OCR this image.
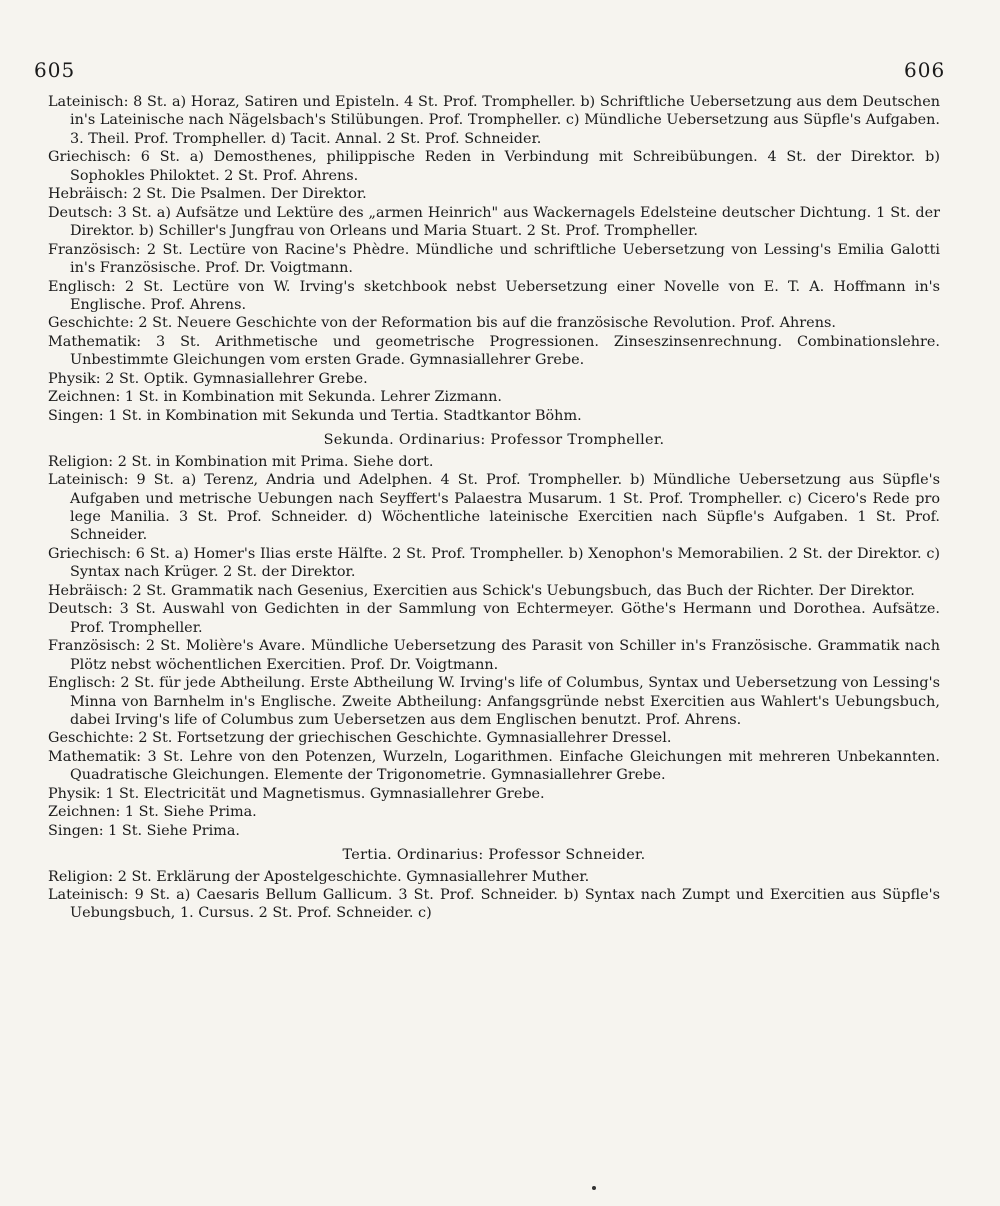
605	606
Lateinisch: 8 St. a) Horaz, Satiren und Episteln. 4 St. Prof. Trompheller. b) Schriftliche Uebersetzung aus dem Deutschen in's Lateinische nach Nägelsbach's Stilübungen. Prof. Trompheller. c) Mündliche Uebersetzung aus Süpfle's Aufgaben. 3. Theil. Prof. Trompheller. d) Tacit. Annal. 2 St. Prof. Schneider.
Griechisch: 6 St. a) Demosthenes, philippische Reden in Verbindung mit Schreibübungen. 4 St. der Direktor. b) Sophokles Philoktet. 2 St. Prof. Ahrens.
Hebräisch: 2 St. Die Psalmen. Der Direktor.
Deutsch: 3 St. a) Aufsätze und Lektüre des „armen Heinrich" aus Wackernagels Edelsteine deutscher Dichtung. 1 St. der Direktor. b) Schiller's Jungfrau von Orleans und Maria Stuart. 2 St. Prof. Trompheller.
Französisch: 2 St. Lectüre von Racine's Phèdre. Mündliche und schriftliche Uebersetzung von Lessing's Emilia Galotti in's Französische. Prof. Dr. Voigtmann.
Englisch: 2 St. Lectüre von W. Irving's sketchbook nebst Uebersetzung einer Novelle von E. T. A. Hoffmann in's Englische. Prof. Ahrens.
Geschichte: 2 St. Neuere Geschichte von der Reformation bis auf die französische Revolution. Prof. Ahrens.
Mathematik: 3 St. Arithmetische und geometrische Progressionen. Zinseszinsenrechnung. Combinationslehre. Unbestimmte Gleichungen vom ersten Grade. Gymnasiallehrer Grebe.
Physik: 2 St. Optik. Gymnasiallehrer Grebe.
Zeichnen: 1 St. in Kombination mit Sekunda. Lehrer Zizmann.
Singen: 1 St. in Kombination mit Sekunda und Tertia. Stadtkantor Böhm.
Sekunda. Ordinarius: Professor Trompheller.
Religion: 2 St. in Kombination mit Prima. Siehe dort.
Lateinisch: 9 St. a) Terenz, Andria und Adelphen. 4 St. Prof. Trompheller. b) Mündliche Uebersetzung aus Süpfle's Aufgaben und metrische Uebungen nach Seyffert's Palaestra Musarum. 1 St. Prof. Trompheller. c) Cicero's Rede pro lege Manilia. 3 St. Prof. Schneider. d) Wöchentliche lateinische Exercitien nach Süpfle's Aufgaben. 1 St. Prof. Schneider.
Griechisch: 6 St. a) Homer's Ilias erste Hälfte. 2 St. Prof. Trompheller. b) Xenophon's Memorabilien. 2 St. der Direktor. c) Syntax nach Krüger. 2 St. der Direktor.
Hebräisch: 2 St. Grammatik nach Gesenius, Exercitien aus Schick's Uebungsbuch, das Buch der Richter. Der Direktor.
Deutsch: 3 St. Auswahl von Gedichten in der Sammlung von Echtermeyer. Göthe's Hermann und Dorothea. Aufsätze. Prof. Trompheller.
Französisch: 2 St. Molière's Avare. Mündliche Uebersetzung des Parasit von Schiller in's Französische. Grammatik nach Plötz nebst wöchentlichen Exercitien. Prof. Dr. Voigtmann.
Englisch: 2 St. für jede Abtheilung. Erste Abtheilung W. Irving's life of Columbus, Syntax und Uebersetzung von Lessing's Minna von Barnhelm in's Englische. Zweite Abtheilung: Anfangsgründe nebst Exercitien aus Wahlert's Uebungsbuch, dabei Irving's life of Columbus zum Uebersetzen aus dem Englischen benutzt. Prof. Ahrens.
Geschichte: 2 St. Fortsetzung der griechischen Geschichte. Gymnasiallehrer Dressel.
Mathematik: 3 St. Lehre von den Potenzen, Wurzeln, Logarithmen. Einfache Gleichungen mit mehreren Unbekannten. Quadratische Gleichungen. Elemente der Trigonometrie. Gymnasiallehrer Grebe.
Physik: 1 St. Electricität und Magnetismus. Gymnasiallehrer Grebe.
Zeichnen: 1 St. Siehe Prima.
Singen: 1 St. Siehe Prima.
Tertia. Ordinarius: Professor Schneider.
Religion: 2 St. Erklärung der Apostelgeschichte. Gymnasiallehrer Muther.
Lateinisch: 9 St. a) Caesaris Bellum Gallicum. 3 St. Prof. Schneider. b) Syntax nach Zumpt und Exercitien aus Süpfle's Uebungsbuch, 1. Cursus. 2 St. Prof. Schneider. c)
